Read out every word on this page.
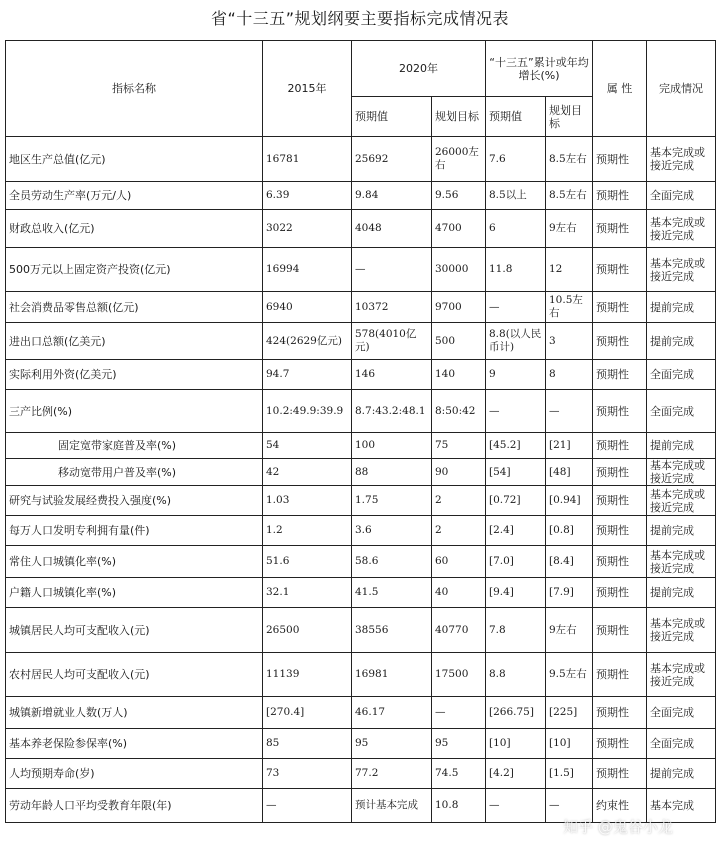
省“十三五”规划纲要主要指标完成情况表
指标名称	2015年	2020年		“十三五”累计或年均增长(%)		属 性	完成情况
		预期值	规划目标	预期值	规划目标		
地区生产总值(亿元)	16781	25692	26000左右	7.6	8.5左右	预期性	基本完成或接近完成
全员劳动生产率(万元/人)	6.39	9.84	9.56	8.5以上	8.5左右	预期性	全面完成
财政总收入(亿元)	3022	4048	4700	6	9左右	预期性	基本完成或接近完成
500万元以上固定资产投资(亿元)	16994	—	30000	11.8	12	预期性	基本完成或接近完成
社会消费品零售总额(亿元)	6940	10372	9700	—	10.5左右	预期性	提前完成
进出口总额(亿美元)	424(2629亿元)	578(4010亿元)	500	8.8(以人民币计)	3	预期性	提前完成
实际利用外资(亿美元)	94.7	146	140	9	8	预期性	全面完成
三产比例(%)	10.2:49.9:39.9	8.7:43.2:48.1	8:50:42	—	—	预期性	全面完成
固定宽带家庭普及率(%)	54	100	75	[45.2]	[21]	预期性	提前完成
移动宽带用户普及率(%)	42	88	90	[54]	[48]	预期性	基本完成或接近完成
研究与试验发展经费投入强度(%)	1.03	1.75	2	[0.72]	[0.94]	预期性	基本完成或接近完成
每万人口发明专利拥有量(件)	1.2	3.6	2	[2.4]	[0.8]	预期性	提前完成
常住人口城镇化率(%)	51.6	58.6	60	[7.0]	[8.4]	预期性	基本完成或接近完成
户籍人口城镇化率(%)	32.1	41.5	40	[9.4]	[7.9]	预期性	提前完成
城镇居民人均可支配收入(元)	26500	38556	40770	7.8	9左右	预期性	基本完成或接近完成
农村居民人均可支配收入(元)	11139	16981	17500	8.8	9.5左右	预期性	基本完成或接近完成
城镇新增就业人数(万人)	[270.4]	46.17	—	[266.75]	[225]	预期性	全面完成
基本养老保险参保率(%)	85	95	95	[10]	[10]	预期性	全面完成
人均预期寿命(岁)	73	77.2	74.5	[4.2]	[1.5]	预期性	提前完成
劳动年龄人口平均受教育年限(年)	—	预计基本完成	10.8	—	—	约束性	基本完成
知乎 @鬼谷小龙
